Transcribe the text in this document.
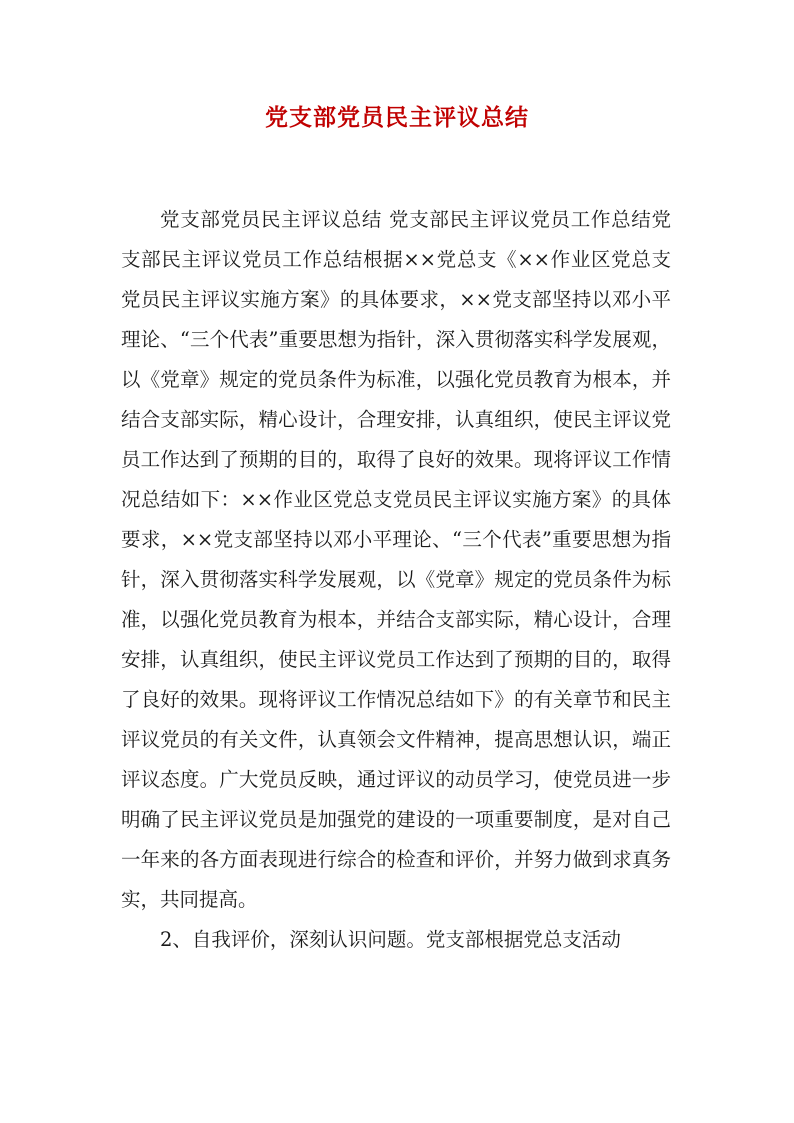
党支部党员民主评议总结

党支部党员民主评议总结 党支部民主评议党员工作总结党支部民主评议党员工作总结根据××党总支《××作业区党总支党员民主评议实施方案》的具体要求，××党支部坚持以邓小平理论、“三个代表”重要思想为指针，深入贯彻落实科学发展观，以《党章》规定的党员条件为标准，以强化党员教育为根本，并结合支部实际，精心设计，合理安排，认真组织，使民主评议党员工作达到了预期的目的，取得了良好的效果。现将评议工作情况总结如下：××作业区党总支党员民主评议实施方案》的具体要求，××党支部坚持以邓小平理论、“三个代表”重要思想为指针，深入贯彻落实科学发展观，以《党章》规定的党员条件为标准，以强化党员教育为根本，并结合支部实际，精心设计，合理安排，认真组织，使民主评议党员工作达到了预期的目的，取得了良好的效果。现将评议工作情况总结如下》的有关章节和民主评议党员的有关文件，认真领会文件精神，提高思想认识，端正评议态度。广大党员反映，通过评议的动员学习，使党员进一步明确了民主评议党员是加强党的建设的一项重要制度，是对自己一年来的各方面表现进行综合的检查和评价，并努力做到求真务实，共同提高。

2、自我评价，深刻认识问题。党支部根据党总支活动
